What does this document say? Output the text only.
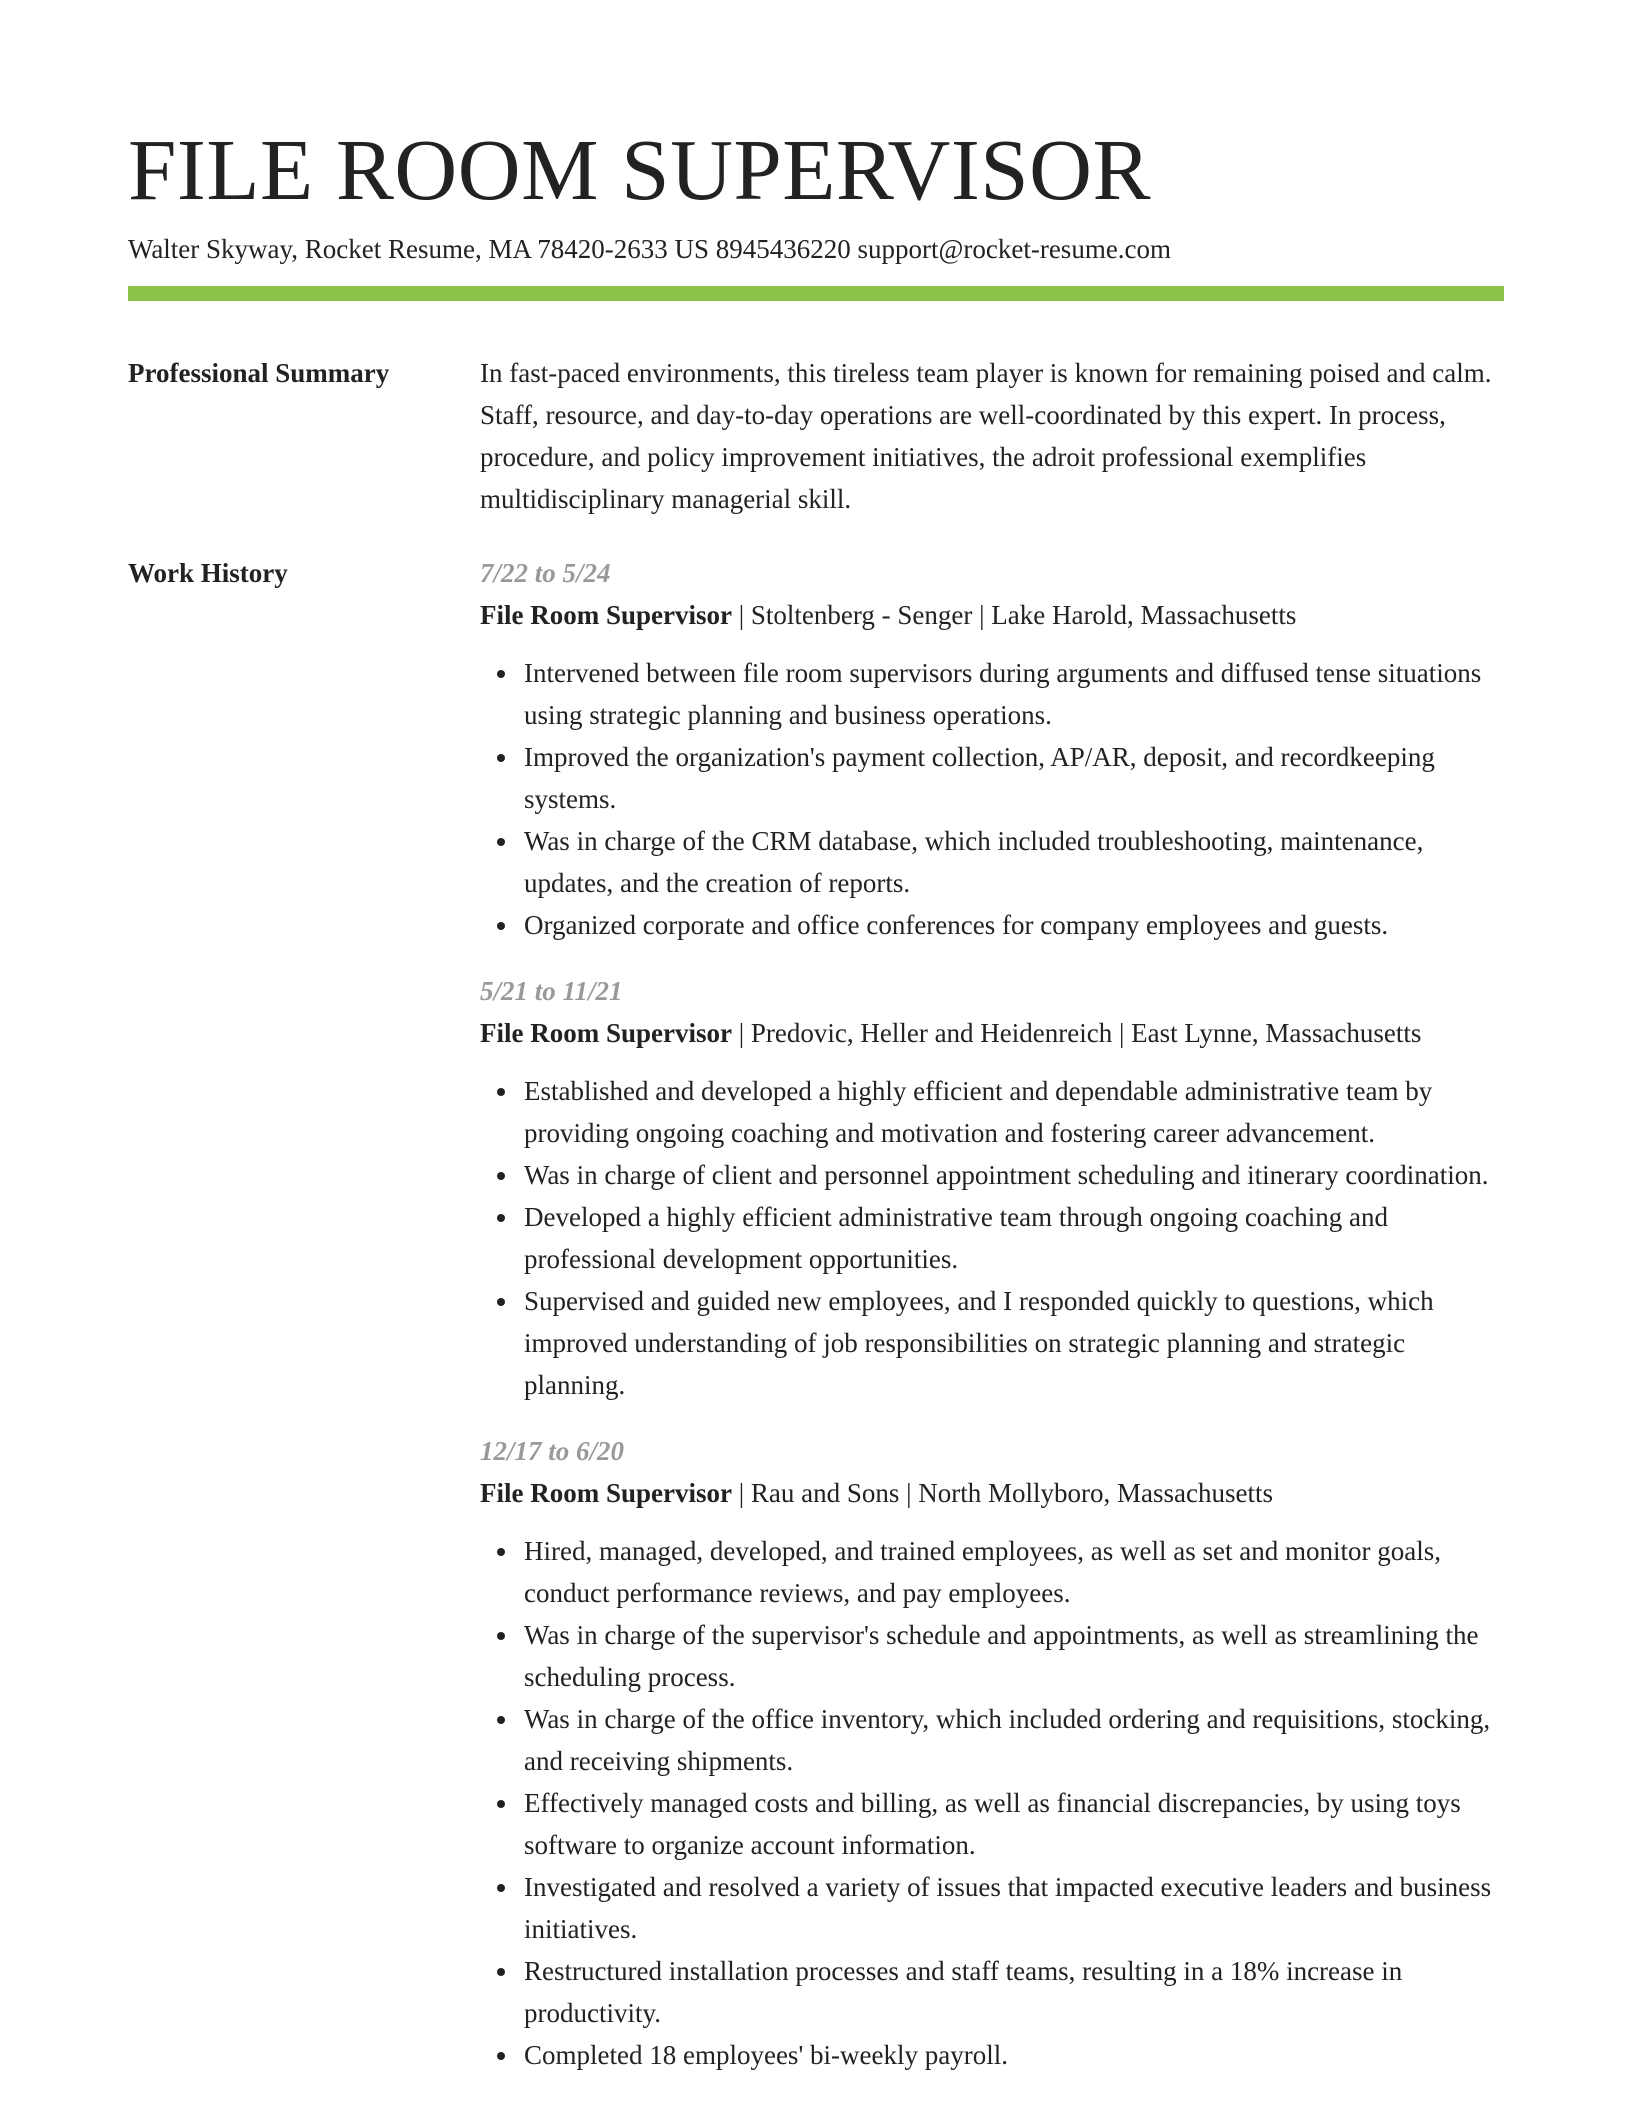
FILE ROOM SUPERVISOR
Walter Skyway, Rocket Resume, MA 78420-2633 US 8945436220 support@rocket-resume.com
Professional Summary	In fast-paced environments, this tireless team player is known for remaining poised and calm. Staff, resource, and day-to-day operations are well-coordinated by this expert. In process, procedure, and policy improvement initiatives, the adroit professional exemplifies multidisciplinary managerial skill.

Work History	7/22 to 5/24
File Room Supervisor | Stoltenberg - Senger | Lake Harold, Massachusetts
Intervened between file room supervisors during arguments and diffused tense situations using strategic planning and business operations.
Improved the organization's payment collection, AP/AR, deposit, and recordkeeping systems.
Was in charge of the CRM database, which included troubleshooting, maintenance, updates, and the creation of reports.
Organized corporate and office conferences for company employees and guests.
5/21 to 11/21
File Room Supervisor | Predovic, Heller and Heidenreich | East Lynne, Massachusetts
Established and developed a highly efficient and dependable administrative team by providing ongoing coaching and motivation and fostering career advancement.
Was in charge of client and personnel appointment scheduling and itinerary coordination.
Developed a highly efficient administrative team through ongoing coaching and professional development opportunities.
Supervised and guided new employees, and I responded quickly to questions, which improved understanding of job responsibilities on strategic planning and strategic planning.
12/17 to 6/20
File Room Supervisor | Rau and Sons | North Mollyboro, Massachusetts
Hired, managed, developed, and trained employees, as well as set and monitor goals, conduct performance reviews, and pay employees.
Was in charge of the supervisor's schedule and appointments, as well as streamlining the scheduling process.
Was in charge of the office inventory, which included ordering and requisitions, stocking, and receiving shipments.
Effectively managed costs and billing, as well as financial discrepancies, by using toys software to organize account information.
Investigated and resolved a variety of issues that impacted executive leaders and business initiatives.
Restructured installation processes and staff teams, resulting in a 18% increase in productivity.
Completed 18 employees' bi-weekly payroll.
